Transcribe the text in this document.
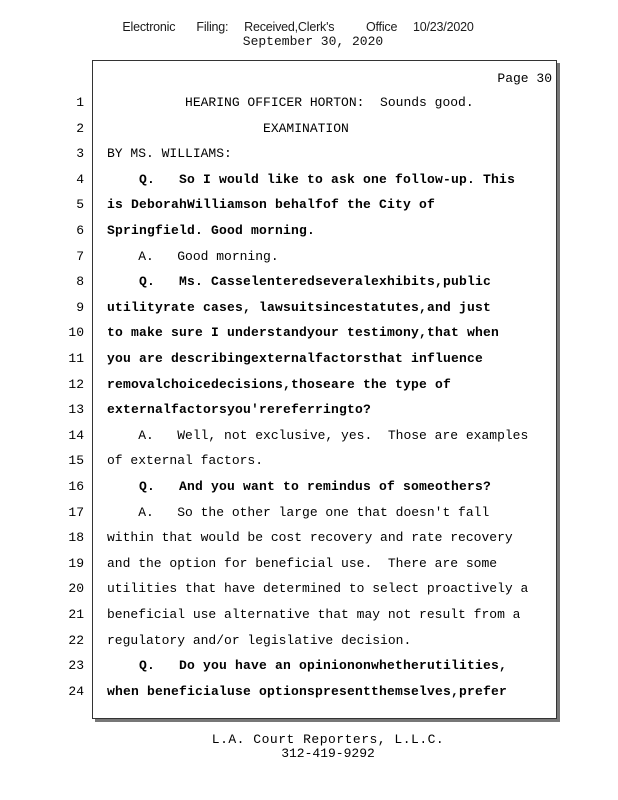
Electronic    Filing:   Received,Clerk's      Office   10/23/2020
September 30, 2020
Page 30
1 HEARING OFFICER HORTON:  Sounds good.
2 EXAMINATION
3 BY MS. WILLIAMS:
4 Q.   So I would like to ask one follow-up. This
5 is DeborahWilliamson behalfof the City of
6 Springfield. Good morning.
7 A.   Good morning.
8 Q.   Ms. Casselenteredseveralexhibits,public
9 utilityrate cases, lawsuitsincestatutes,and just
10 to make sure I understandyour testimony,that when
11 you are describingexternalfactorsthat influence
12 removalchoicedecisions,thoseare the type of
13 externalfactorsyou'rereferringto?
14 A.   Well, not exclusive, yes.  Those are examples
15 of external factors.
16 Q.   And you want to remindus of someothers?
17 A.   So the other large one that doesn't fall
18 within that would be cost recovery and rate recovery
19 and the option for beneficial use.  There are some
20 utilities that have determined to select proactively a
21 beneficial use alternative that may not result from a
22 regulatory and/or legislative decision.
23 Q.   Do you have an opiniononwhetherutilities,
24 when beneficialuse optionspresentthemselves,prefer
L.A. Court Reporters, L.L.C.
312-419-9292
